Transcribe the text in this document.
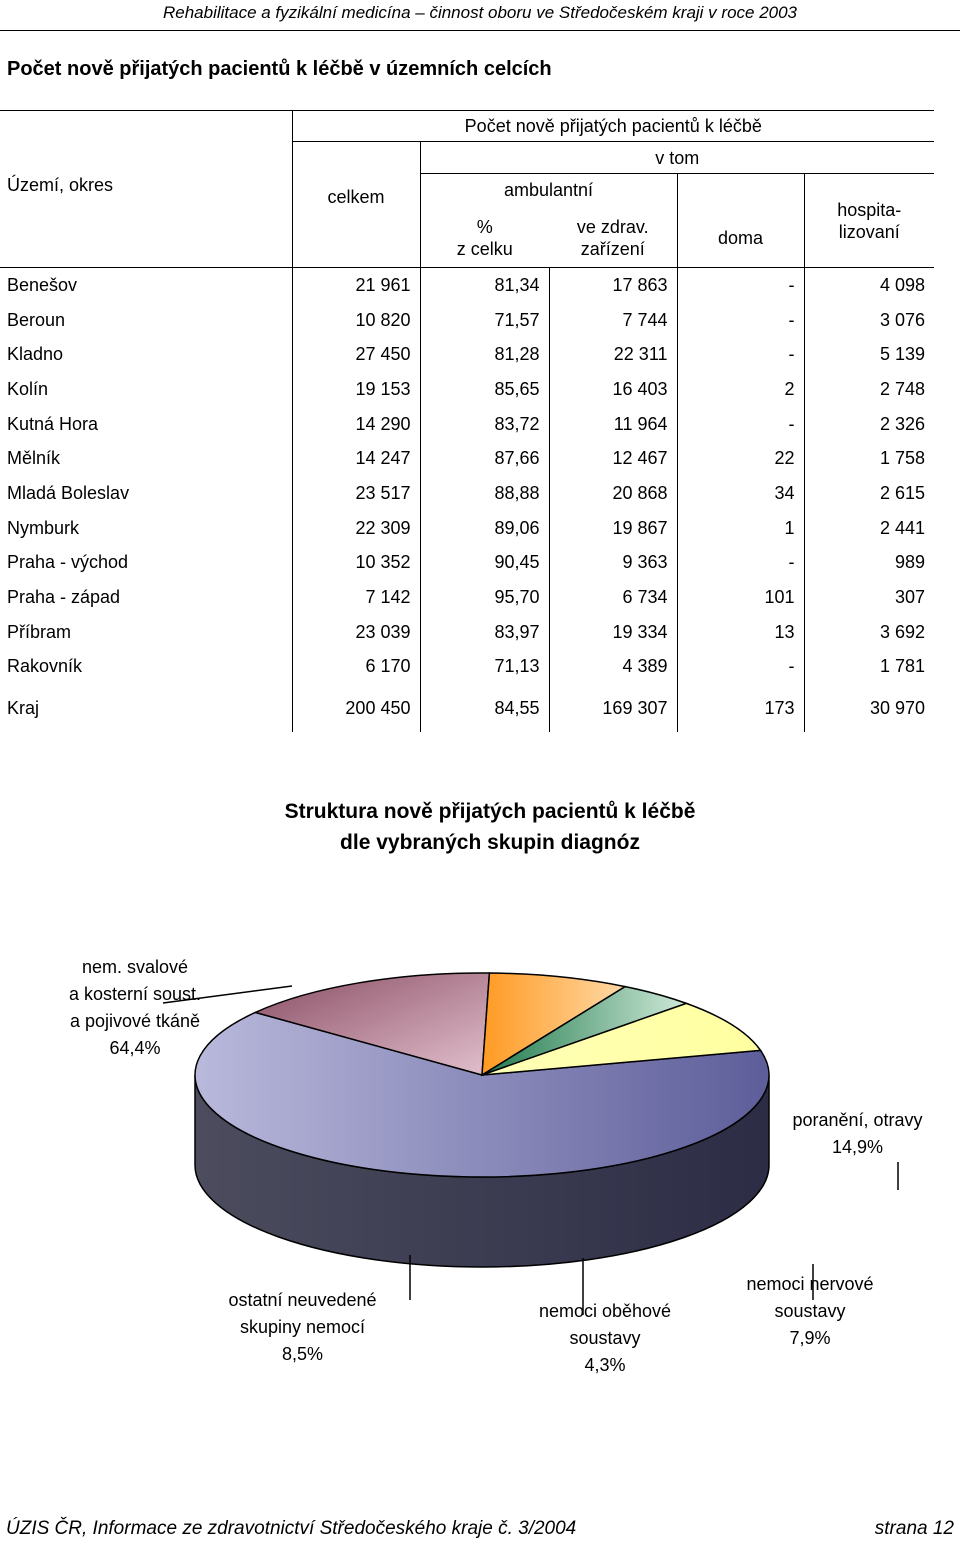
Rehabilitace a fyzikální medicína – činnost oboru ve Středočeském kraji v roce 2003
Počet nově přijatých pacientů k léčbě v územních celcích
Území, okres	Počet nově přijatých pacientů k léčbě				
	celkem	v tom			
		ambulantní		doma	hospita-
lizovaní

		%	ve zdrav.		
		z celku	zařízení		
Benešov	21 961	81,34	17 863	-	4 098
Beroun	10 820	71,57	7 744	-	3 076
Kladno	27 450	81,28	22 311	-	5 139
Kolín	19 153	85,65	16 403	2	2 748
Kutná Hora	14 290	83,72	11 964	-	2 326
Mělník	14 247	87,66	12 467	22	1 758
Mladá Boleslav	23 517	88,88	20 868	34	2 615
Nymburk	22 309	89,06	19 867	1	2 441
Praha - východ	10 352	90,45	9 363	-	989
Praha - západ	7 142	95,70	6 734	101	307
Příbram	23 039	83,97	19 334	13	3 692
Rakovník	6 170	71,13	4 389	-	1 781
Kraj	200 450	84,55	169 307	173	30 970
Struktura nově přijatých pacientů k léčbě
dle vybraných skupin diagnóz
nem. svalové
a kosterní soust.
a pojivové tkáně
64,4%
poranění, otravy
14,9%
nemoci nervové
soustavy
7,9%
nemoci oběhové
soustavy
4,3%
ostatní neuvedené
skupiny nemocí
8,5%
ÚZIS ČR, Informace ze zdravotnictví Středočeského kraje č. 3/2004	strana 12
